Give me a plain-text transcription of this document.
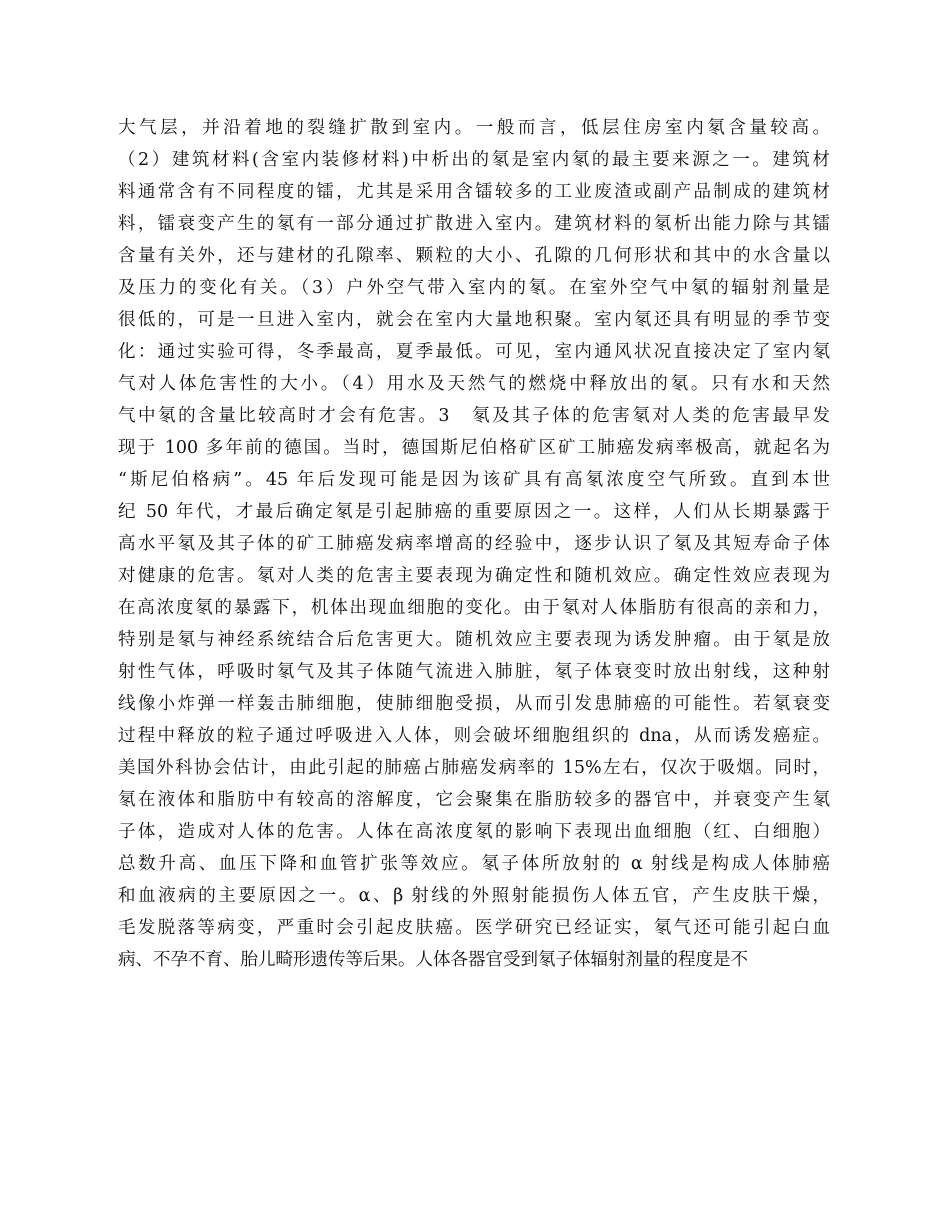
大气层，并沿着地的裂缝扩散到室内。一般而言，低层住房室内氡含量较高。
（2）建筑材料(含室内装修材料)中析出的氡是室内氡的最主要来源之一。建筑材
料通常含有不同程度的镭，尤其是采用含镭较多的工业废渣或副产品制成的建筑材
料，镭衰变产生的氡有一部分通过扩散进入室内。建筑材料的氡析出能力除与其镭
含量有关外，还与建材的孔隙率、颗粒的大小、孔隙的几何形状和其中的水含量以
及压力的变化有关。（3）户外空气带入室内的氡。在室外空气中氡的辐射剂量是
很低的，可是一旦进入室内，就会在室内大量地积聚。室内氡还具有明显的季节变
化：通过实验可得，冬季最高，夏季最低。可见，室内通风状况直接决定了室内氡
气对人体危害性的大小。（4）用水及天然气的燃烧中释放出的氡。只有水和天然
气中氡的含量比较高时才会有危害。3　氡及其子体的危害氡对人类的危害最早发
现于 100 多年前的德国。当时，德国斯尼伯格矿区矿工肺癌发病率极高，就起名为
“斯尼伯格病”。45 年后发现可能是因为该矿具有高氡浓度空气所致。直到本世
纪 50 年代，才最后确定氡是引起肺癌的重要原因之一。这样，人们从长期暴露于
高水平氡及其子体的矿工肺癌发病率增高的经验中，逐步认识了氡及其短寿命子体
对健康的危害。氡对人类的危害主要表现为确定性和随机效应。确定性效应表现为
在高浓度氡的暴露下，机体出现血细胞的变化。由于氡对人体脂肪有很高的亲和力，
特别是氡与神经系统结合后危害更大。随机效应主要表现为诱发肿瘤。由于氡是放
射性气体，呼吸时氡气及其子体随气流进入肺脏，氡子体衰变时放出射线，这种射
线像小炸弹一样轰击肺细胞，使肺细胞受损，从而引发患肺癌的可能性。若氡衰变
过程中释放的粒子通过呼吸进入人体，则会破坏细胞组织的 dna，从而诱发癌症。
美国外科协会估计，由此引起的肺癌占肺癌发病率的 15%左右，仅次于吸烟。同时，
氡在液体和脂肪中有较高的溶解度，它会聚集在脂肪较多的器官中，并衰变产生氡
子体，造成对人体的危害。人体在高浓度氡的影响下表现出血细胞（红、白细胞）
总数升高、血压下降和血管扩张等效应。氡子体所放射的 α 射线是构成人体肺癌
和血液病的主要原因之一。α、β 射线的外照射能损伤人体五官，产生皮肤干燥，
毛发脱落等病变，严重时会引起皮肤癌。医学研究已经证实，氡气还可能引起白血
病、不孕不育、胎儿畸形遗传等后果。人体各器官受到氡子体辐射剂量的程度是不
